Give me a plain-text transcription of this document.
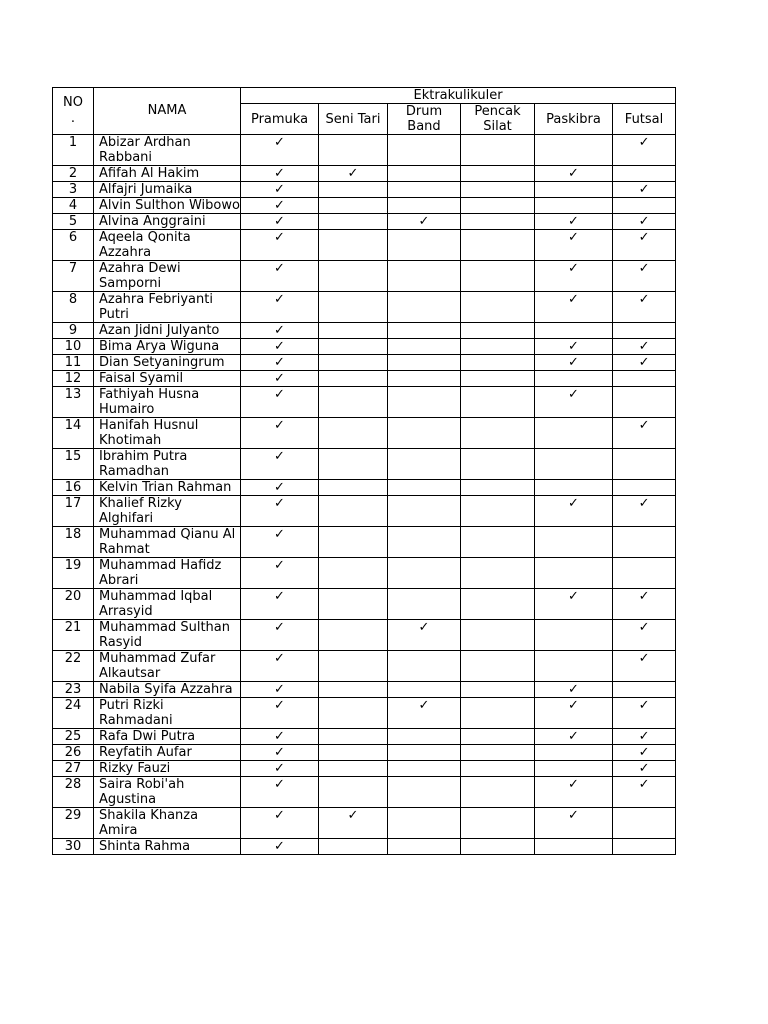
NO .	NAMA	Ektrakulikuler					
		Pramuka	Seni Tari	Drum Band	Pencak Silat	Paskibra	Futsal
1	Abizar Ardhan Rabbani	✓					✓
2	Afifah Al Hakim	✓	✓			✓	
3	Alfajri Jumaika	✓					✓
4	Alvin Sulthon Wibowo	✓					
5	Alvina Anggraini	✓		✓		✓	✓
6	Aqeela Qonita Azzahra	✓				✓	✓
7	Azahra Dewi Samporni	✓				✓	✓
8	Azahra Febriyanti Putri	✓				✓	✓
9	Azan Jidni Julyanto	✓					
10	Bima Arya Wiguna	✓				✓	✓
11	Dian Setyaningrum	✓				✓	✓
12	Faisal Syamil	✓					
13	Fathiyah Husna Humairo	✓				✓	
14	Hanifah Husnul Khotimah	✓					✓
15	Ibrahim Putra Ramadhan	✓					
16	Kelvin Trian Rahman	✓					
17	Khalief Rizky Alghifari	✓				✓	✓
18	Muhammad Qianu Al Rahmat	✓					
19	Muhammad Hafidz Abrari	✓					
20	Muhammad Iqbal Arrasyid	✓				✓	✓
21	Muhammad Sulthan Rasyid	✓		✓			✓
22	Muhammad Zufar Alkautsar	✓					✓
23	Nabila Syifa Azzahra	✓				✓	
24	Putri Rizki Rahmadani	✓		✓		✓	✓
25	Rafa Dwi Putra	✓				✓	✓
26	Reyfatih Aufar	✓					✓
27	Rizky Fauzi	✓					✓
28	Saira Robi'ah Agustina	✓				✓	✓
29	Shakila Khanza Amira	✓	✓			✓	
30	Shinta Rahma	✓					
